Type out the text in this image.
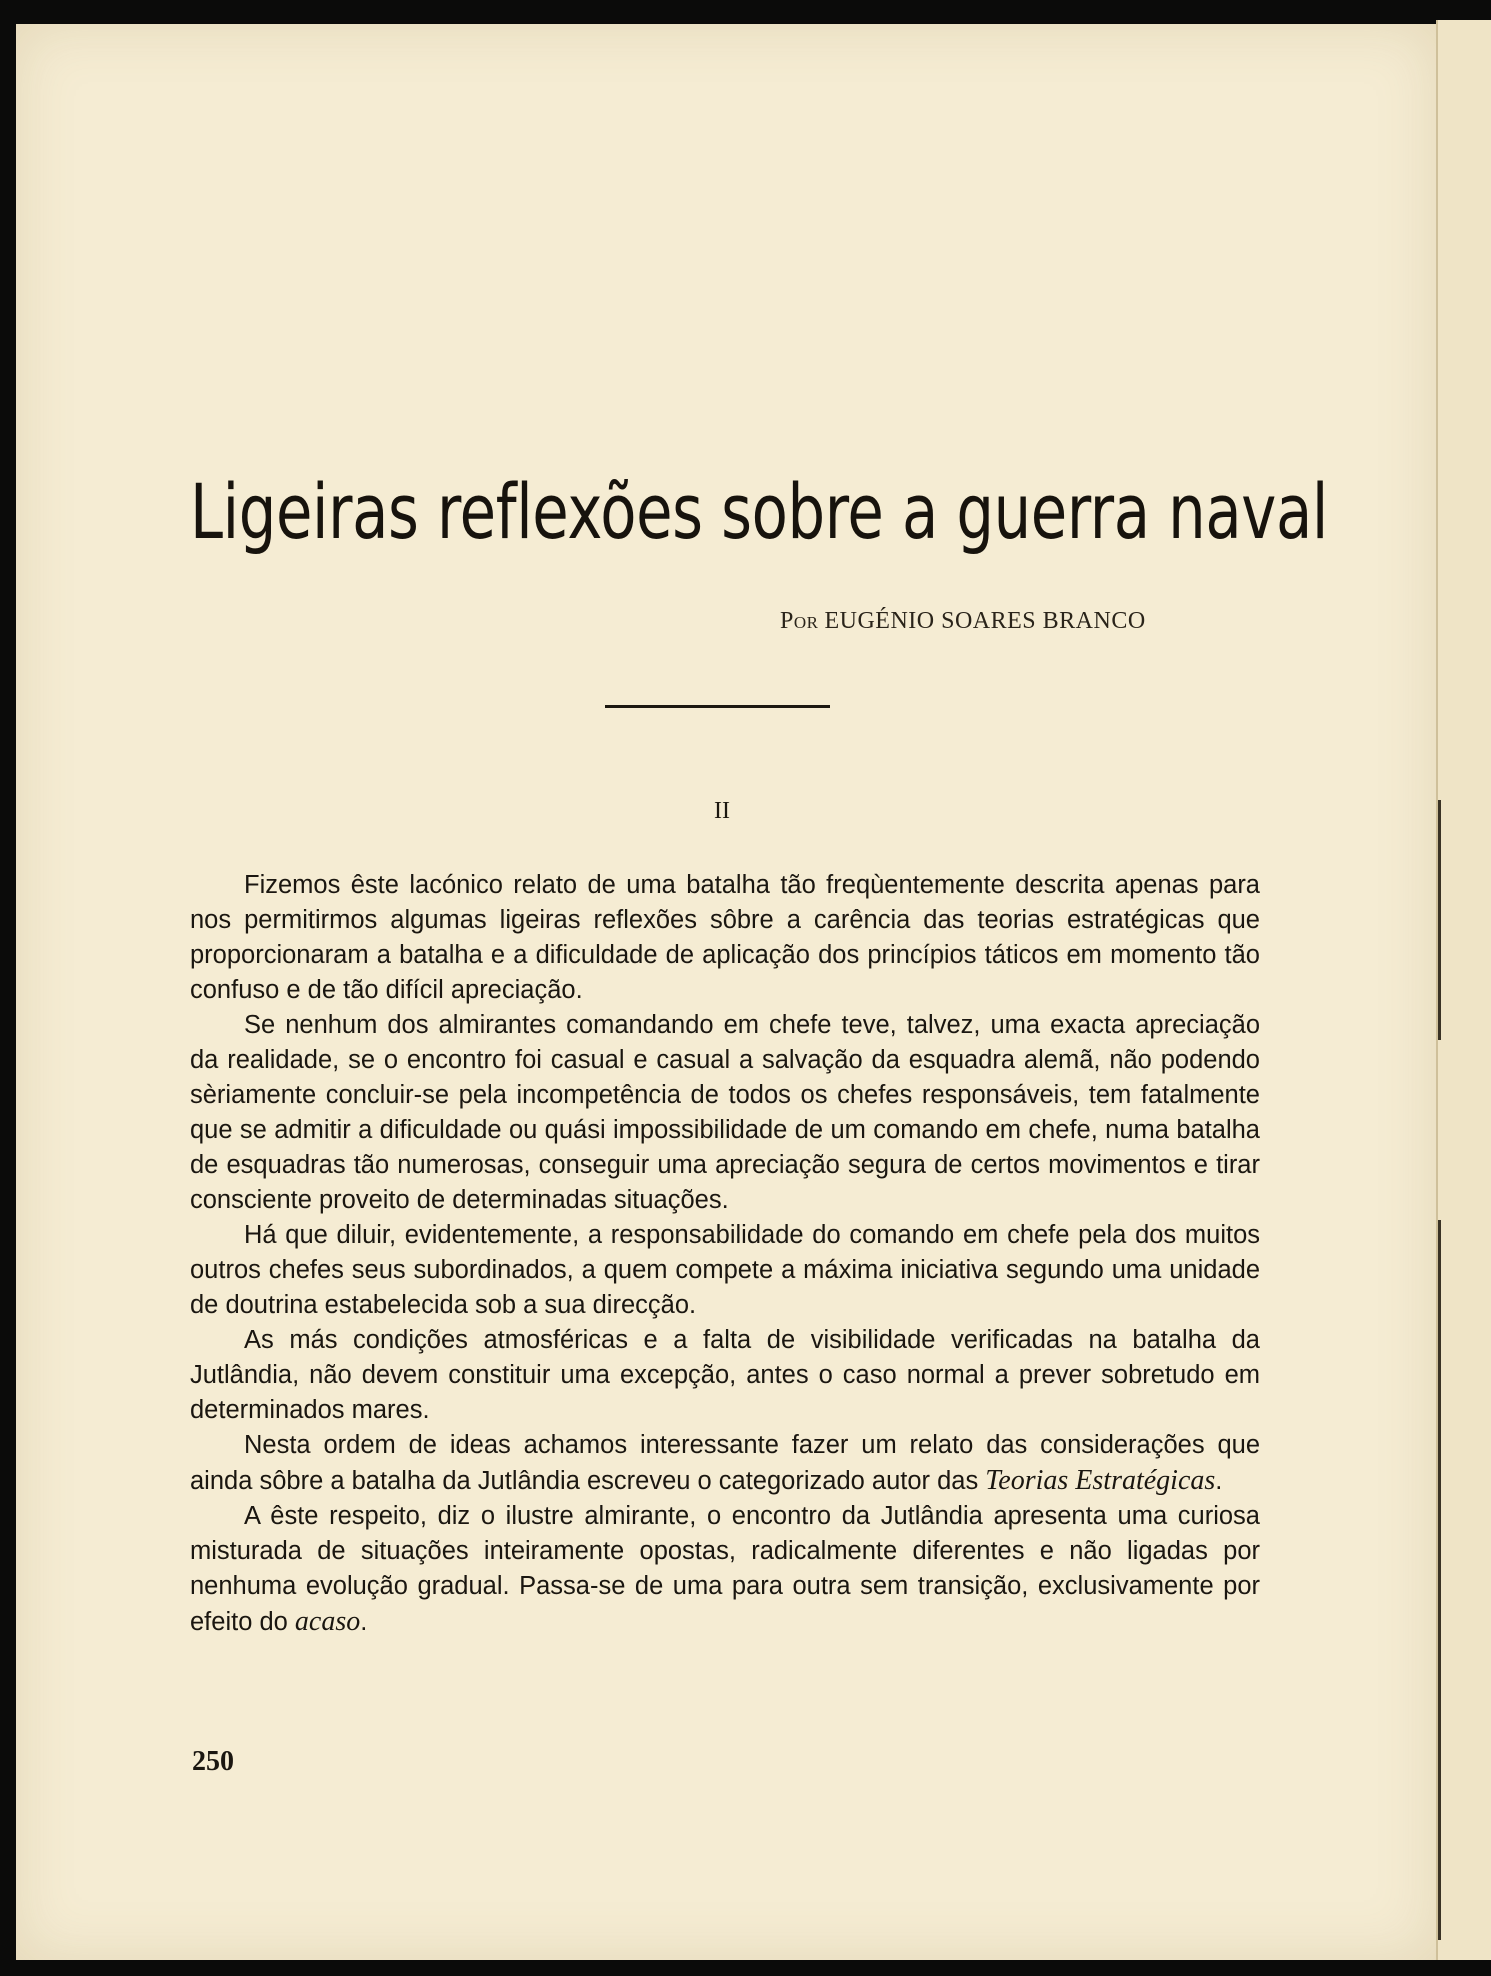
Ligeiras reflexões sobre a guerra naval
Por EUGÉNIO SOARES BRANCO
II

Fizemos êste lacónico relato de uma batalha tão freqùentemente descrita apenas para nos permitirmos algumas ligeiras reflexões sôbre a carência das teorias estratégicas que proporcionaram a batalha e a dificuldade de aplicação dos princípios táticos em momento tão confuso e de tão difícil apreciação.

Se nenhum dos almirantes comandando em chefe teve, talvez, uma exacta apreciação da realidade, se o encontro foi casual e casual a salvação da esquadra alemã, não podendo sèriamente concluir-se pela incompetência de todos os chefes responsáveis, tem fatalmente que se admitir a dificuldade ou quási impossibilidade de um comando em chefe, numa batalha de esquadras tão numerosas, conseguir uma apreciação segura de certos movimentos e tirar consciente proveito de determinadas situações.

Há que diluir, evidentemente, a responsabilidade do comando em chefe pela dos muitos outros chefes seus subordinados, a quem compete a máxima iniciativa segundo uma unidade de doutrina estabelecida sob a sua direcção.

As más condições atmosféricas e a falta de visibilidade verificadas na batalha da Jutlândia, não devem constituir uma excepção, antes o caso normal a prever sobretudo em determinados mares.

Nesta ordem de ideas achamos interessante fazer um relato das considerações que ainda sôbre a batalha da Jutlândia escreveu o categorizado autor das Teorias Estratégicas.

A êste respeito, diz o ilustre almirante, o encontro da Jutlândia apresenta uma curiosa misturada de situações inteiramente opostas, radicalmente diferentes e não ligadas por nenhuma evolução gradual. Passa-se de uma para outra sem transição, exclusivamente por efeito do acaso.

250
